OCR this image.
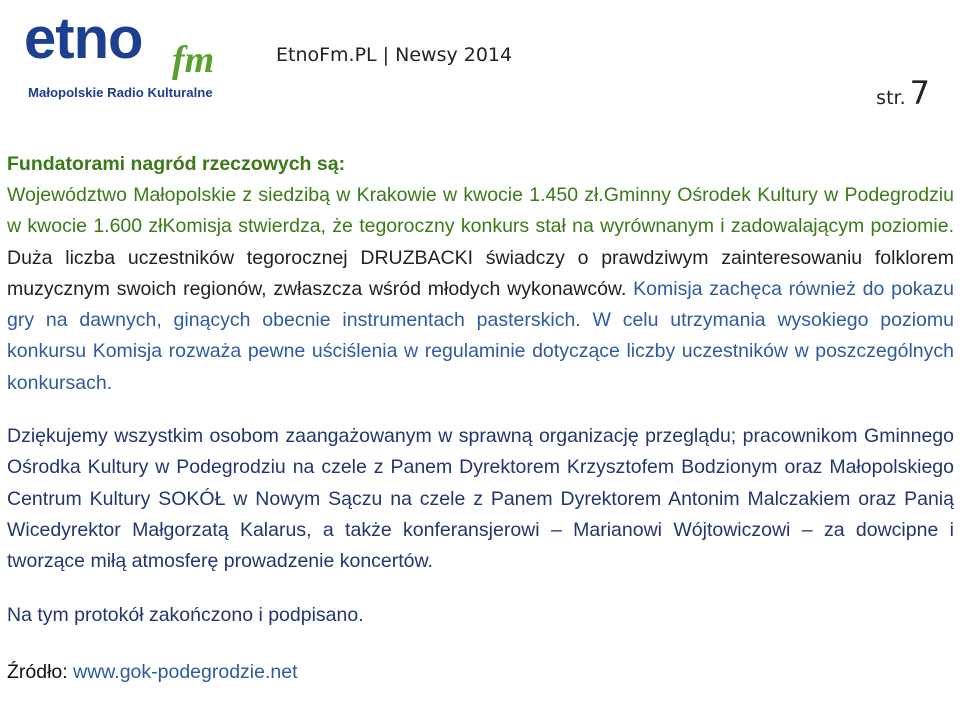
etno fm
Małopolskie Radio Kulturalne
EtnoFm.PL | Newsy 2014
str. 7

Fundatorami nagród rzeczowych są:

Województwo Małopolskie z siedzibą w Krakowie w kwocie 1.450 zł.Gminny Ośrodek Kultury w Podegrodziu w kwocie 1.600 złKomisja stwierdza, że tegoroczny konkurs stał na wyrównanym i zadowalającym poziomie. Duża liczba uczestników tegorocznej DRUZBACKI świadczy o prawdziwym zainteresowaniu folklorem muzycznym swoich regionów, zwłaszcza wśród młodych wykonawców. Komisja zachęca również do pokazu gry na dawnych, ginących obecnie instrumentach pasterskich. W celu utrzymania wysokiego poziomu konkursu Komisja rozważa pewne uściślenia w regulaminie dotyczące liczby uczestników w poszczególnych konkursach.

Dziękujemy wszystkim osobom zaangażowanym w sprawną organizację przeglądu; pracownikom Gminnego Ośrodka Kultury w Podegrodziu na czele z Panem Dyrektorem Krzysztofem Bodzionym oraz Małopolskiego Centrum Kultury SOKÓŁ w Nowym Sączu na czele z Panem Dyrektorem Antonim Malczakiem oraz Panią Wicedyrektor Małgorzatą Kalarus, a także konferansjerowi – Marianowi Wójtowiczowi – za dowcipne i tworzące miłą atmosferę prowadzenie koncertów.

Na tym protokół zakończono i podpisano.

Źródło: www.gok-podegrodzie.net
